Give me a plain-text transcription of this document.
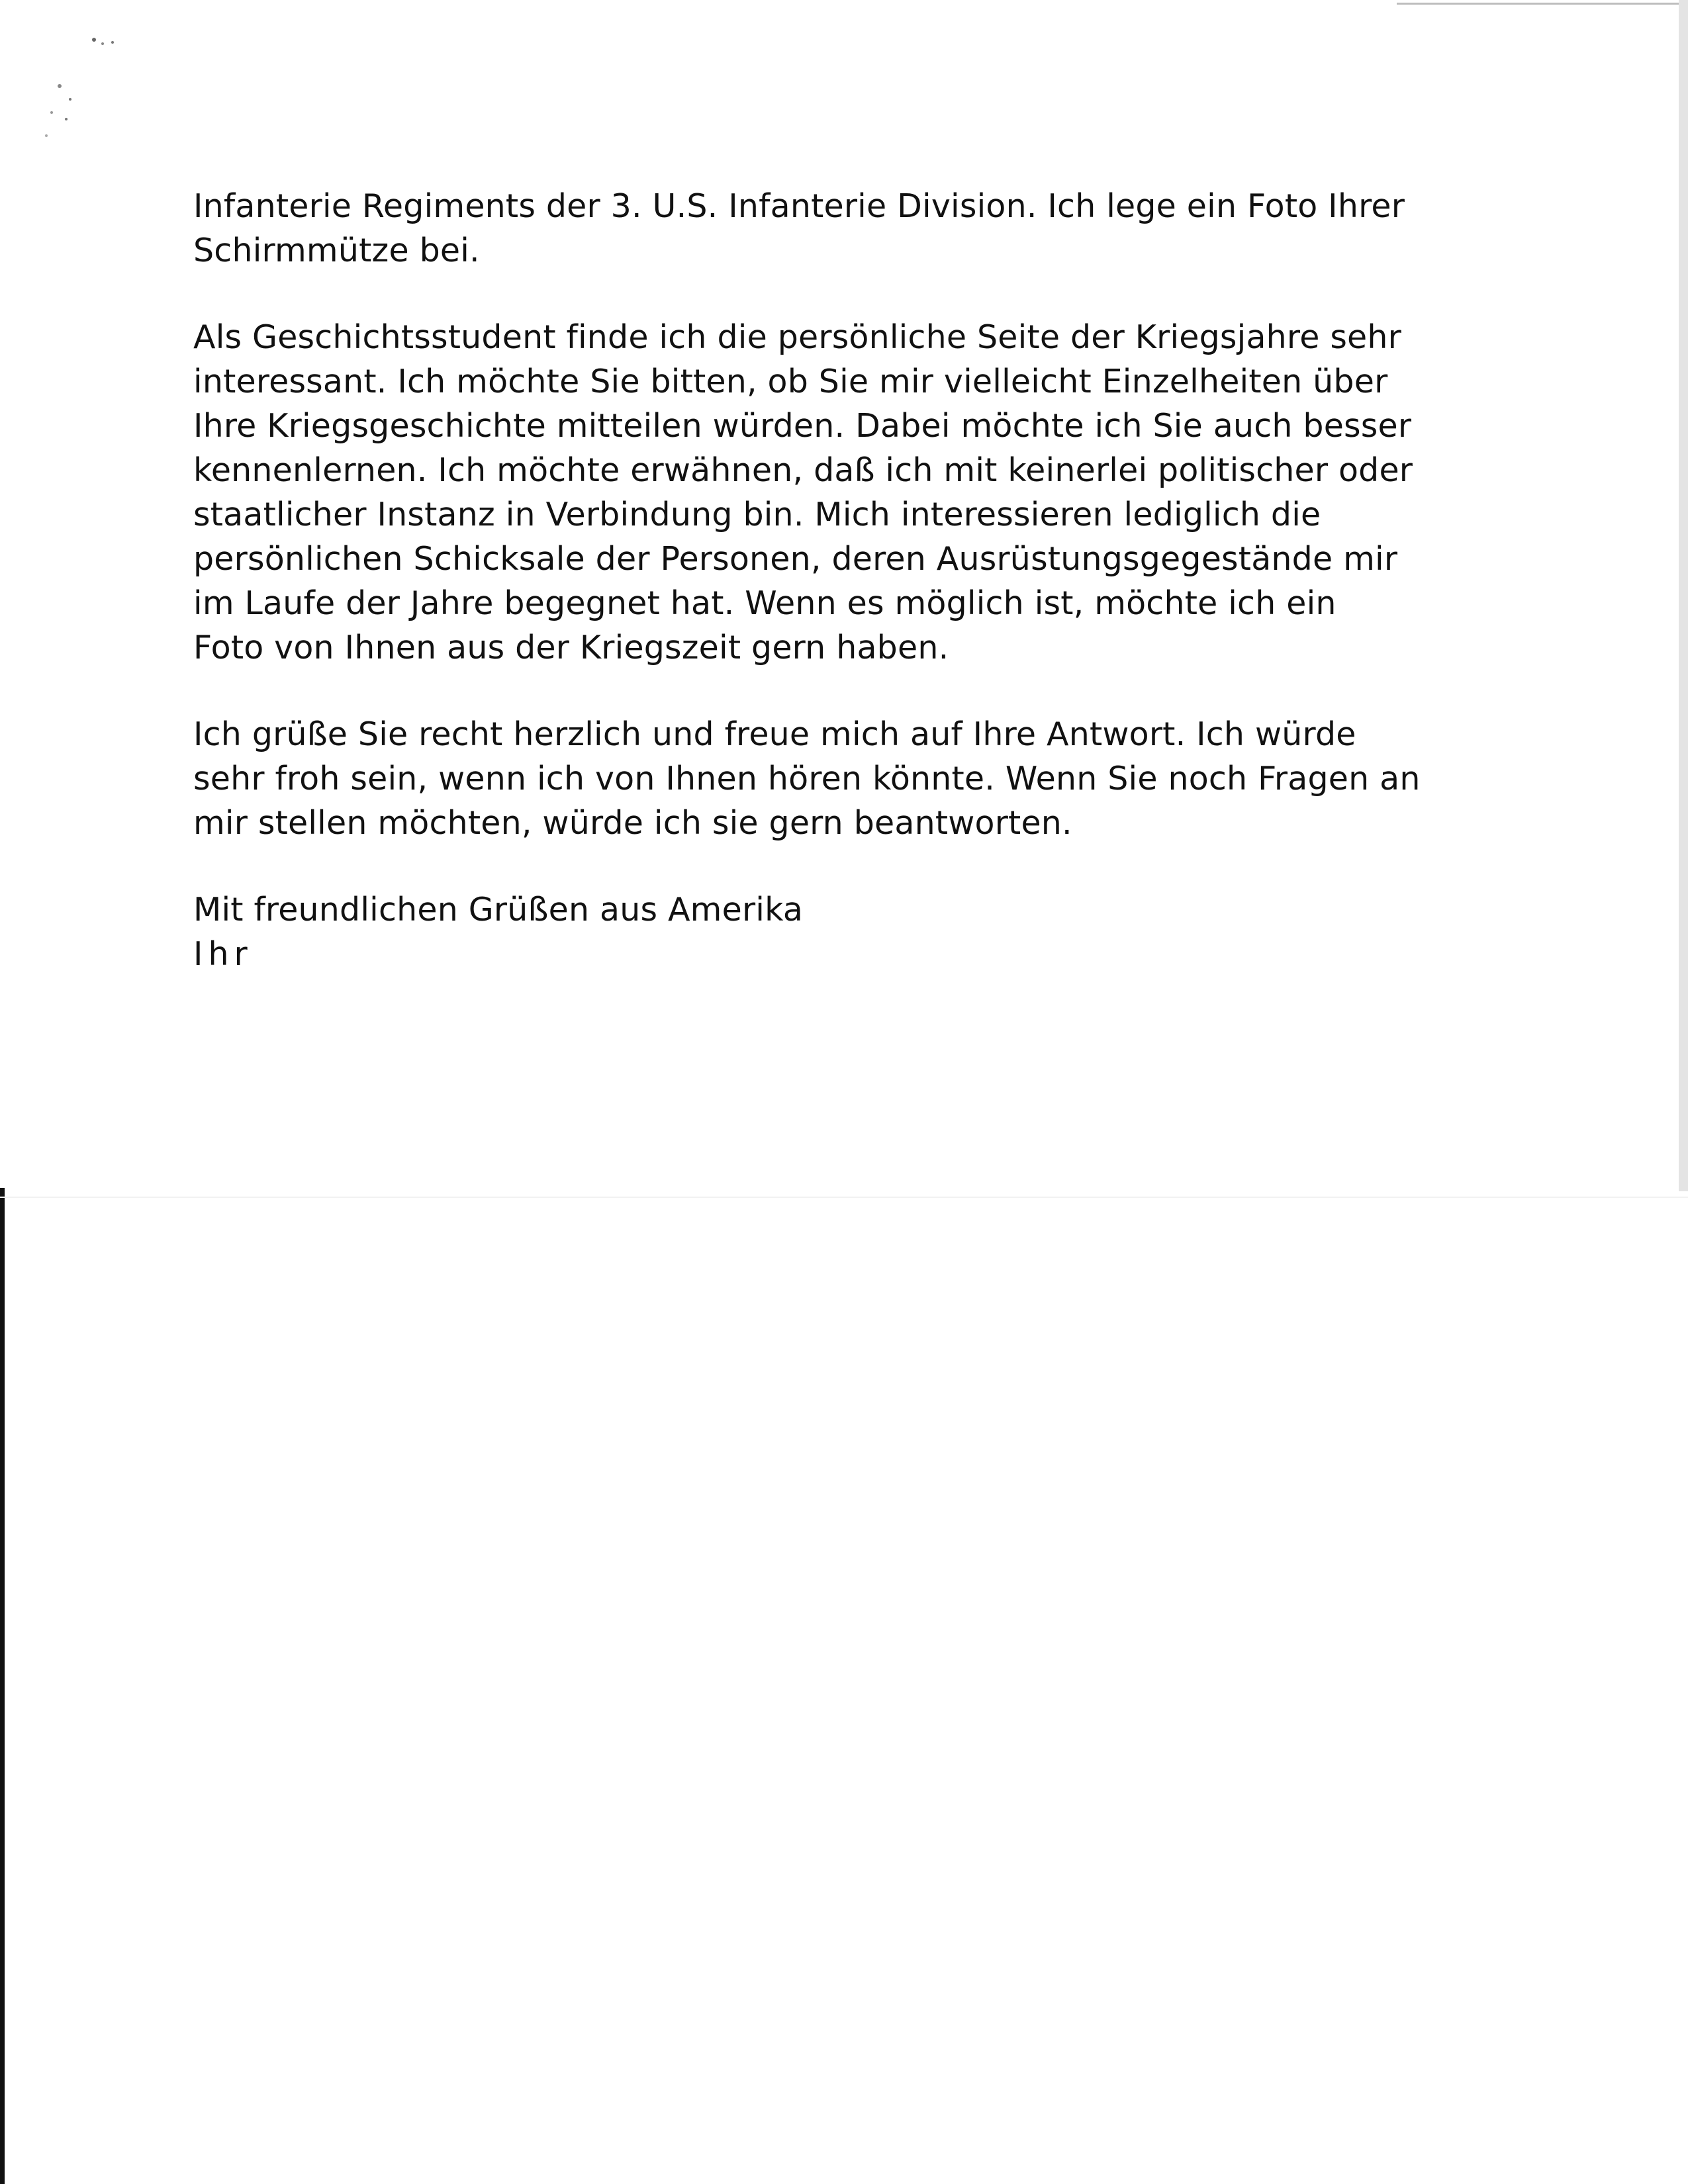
Infanterie Regiments der 3. U.S. Infanterie Division. Ich lege ein Foto Ihrer
Schirmmütze bei.
Als Geschichtsstudent finde ich die persönliche Seite der Kriegsjahre sehr
interessant. Ich möchte Sie bitten, ob Sie mir vielleicht Einzelheiten über
Ihre Kriegsgeschichte mitteilen würden. Dabei möchte ich Sie auch besser
kennenlernen. Ich möchte erwähnen, daß ich mit keinerlei politischer oder
staatlicher Instanz in Verbindung bin. Mich interessieren lediglich die
persönlichen Schicksale der Personen, deren Ausrüstungsgegestände mir
im Laufe der Jahre begegnet hat. Wenn es möglich ist, möchte ich ein
Foto von Ihnen aus der Kriegszeit gern haben.
Ich grüße Sie recht herzlich und freue mich auf Ihre Antwort. Ich würde
sehr froh sein, wenn ich von Ihnen hören könnte. Wenn Sie noch Fragen an
mir stellen möchten, würde ich sie gern beantworten.
Mit freundlichen Grüßen aus Amerika
Ihr
